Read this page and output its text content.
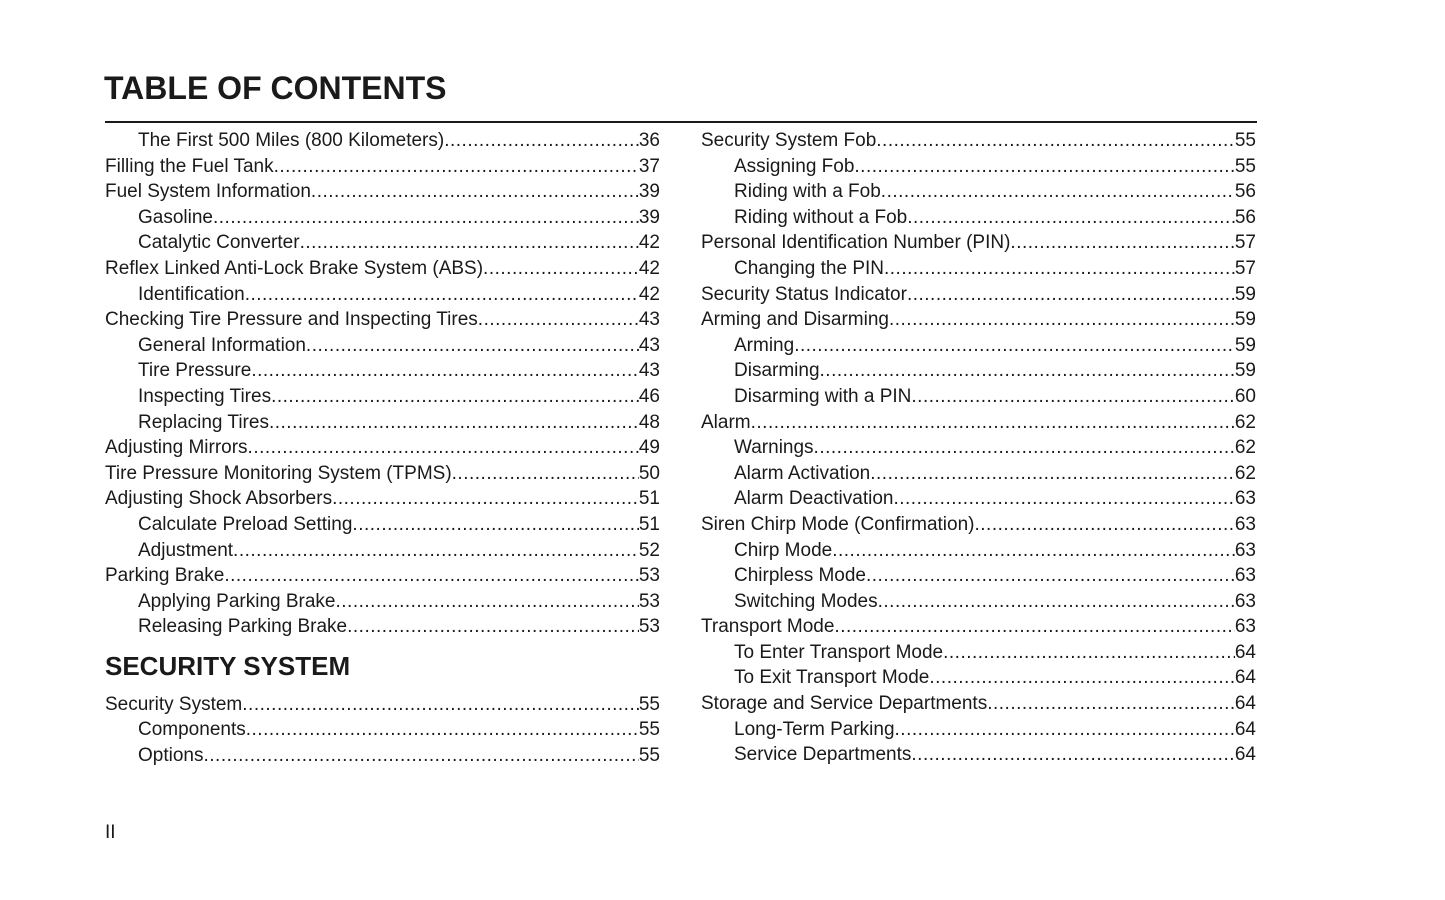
TABLE OF CONTENTS
The First 500 Miles (800 Kilometers) .....	36
Filling the Fuel Tank .....	37
Fuel System Information .....	39
Gasoline .....	39
Catalytic Converter .....	42
Reflex Linked Anti-Lock Brake System (ABS) .....	42
Identification .....	42
Checking Tire Pressure and Inspecting Tires .....	43
General Information .....	43
Tire Pressure .....	43
Inspecting Tires .....	46
Replacing Tires .....	48
Adjusting Mirrors .....	49
Tire Pressure Monitoring System (TPMS) .....	50
Adjusting Shock Absorbers .....	51
Calculate Preload Setting .....	51
Adjustment .....	52
Parking Brake .....	53
Applying Parking Brake .....	53
Releasing Parking Brake .....	53
SECURITY SYSTEM
Security System .....	55
Components .....	55
Options .....	55
Security System Fob .....	55
Assigning Fob .....	55
Riding with a Fob .....	56
Riding without a Fob .....	56
Personal Identification Number (PIN) .....	57
Changing the PIN .....	57
Security Status Indicator .....	59
Arming and Disarming .....	59
Arming .....	59
Disarming .....	59
Disarming with a PIN .....	60
Alarm .....	62
Warnings .....	62
Alarm Activation .....	62
Alarm Deactivation .....	63
Siren Chirp Mode (Confirmation) .....	63
Chirp Mode .....	63
Chirpless Mode .....	63
Switching Modes .....	63
Transport Mode .....	63
To Enter Transport Mode .....	64
To Exit Transport Mode .....	64
Storage and Service Departments .....	64
Long-Term Parking .....	64
Service Departments .....	64
II
